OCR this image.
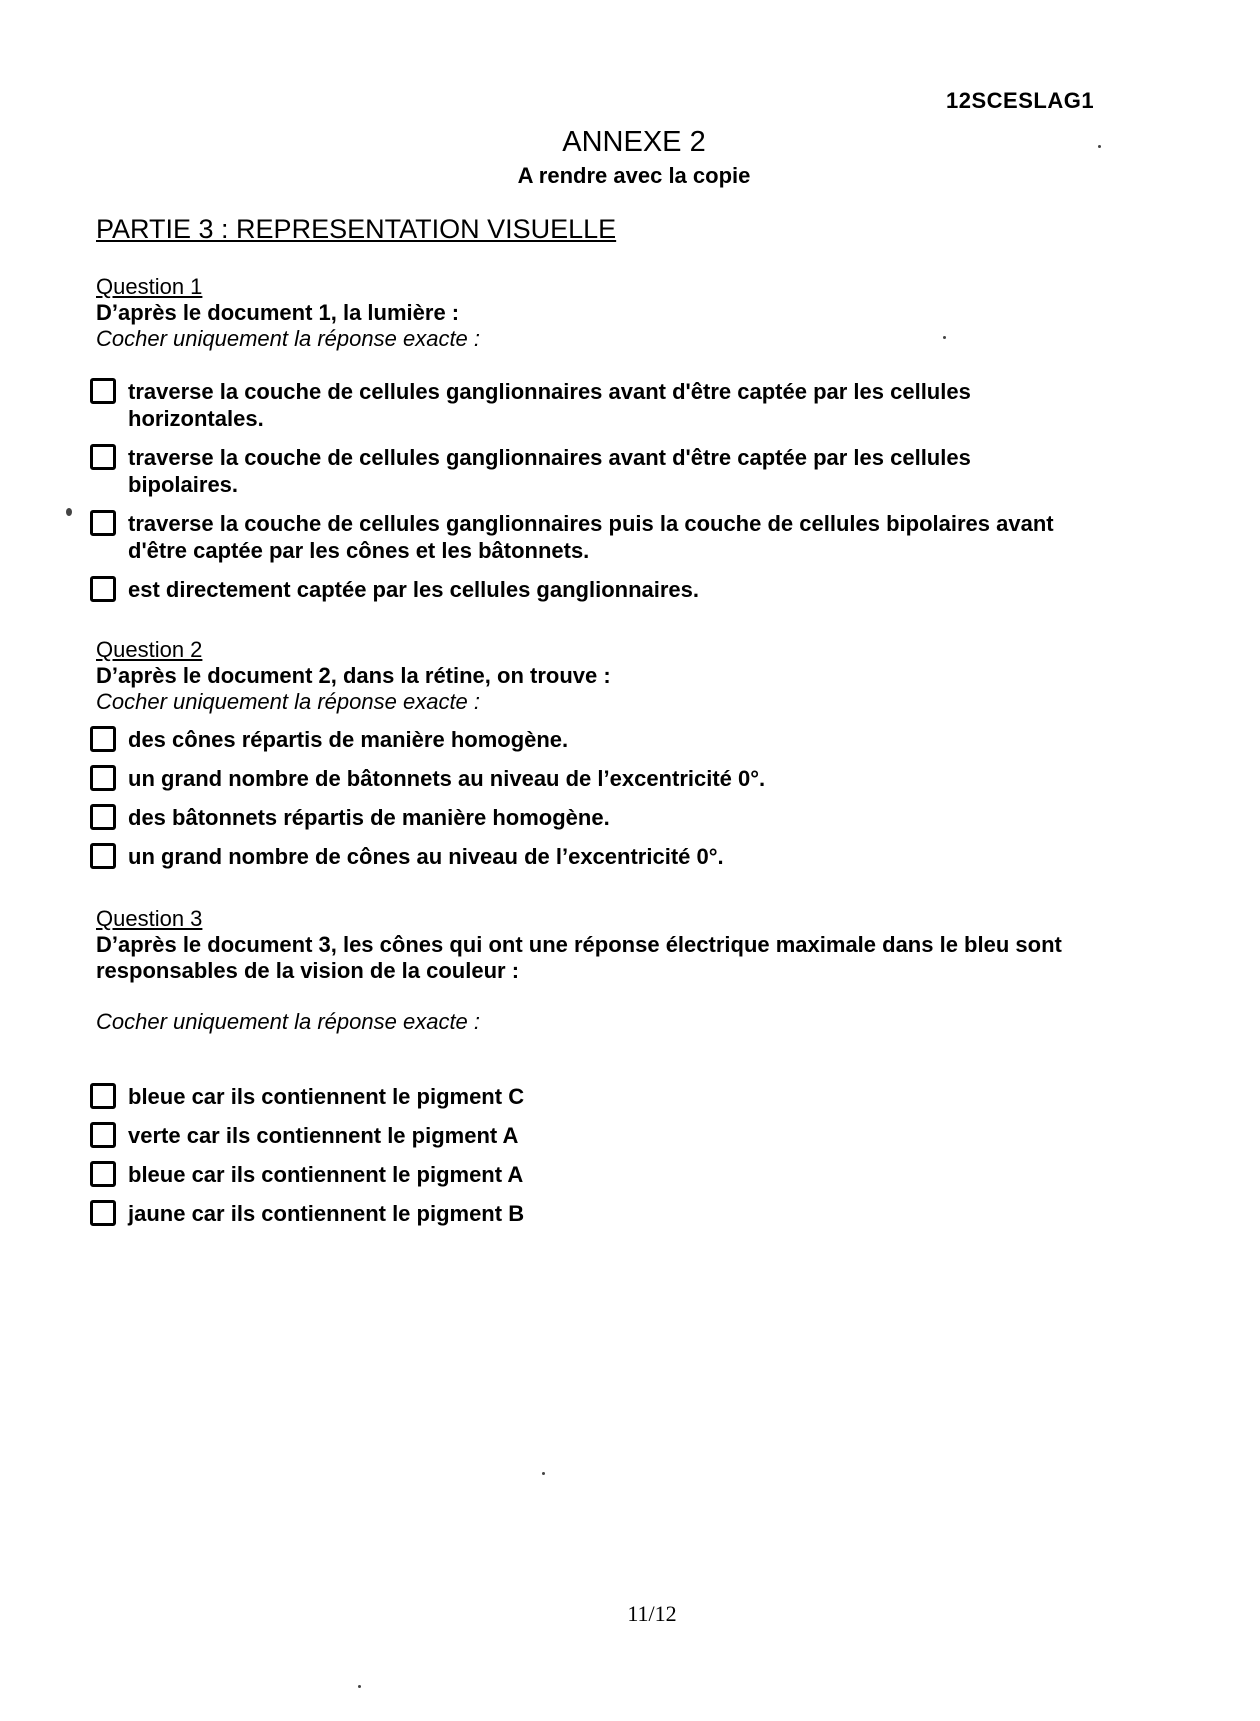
12SCESLAG1
ANNEXE 2
A rendre avec la copie
PARTIE 3 : REPRESENTATION VISUELLE
Question 1
D’après le document 1, la lumière :
Cocher uniquement la réponse exacte :
traverse la couche de cellules ganglionnaires avant d'être captée par les cellules horizontales.
traverse la couche de cellules ganglionnaires avant d'être captée par les cellules bipolaires.
traverse la couche de cellules ganglionnaires puis la couche de cellules bipolaires avant d'être captée par les cônes et les bâtonnets.
est directement captée par les cellules ganglionnaires.
Question 2
D’après le document 2, dans la rétine, on trouve :
Cocher uniquement la réponse exacte :
des cônes répartis de manière homogène.
un grand nombre de bâtonnets au niveau de l’excentricité 0°.
des bâtonnets répartis de manière homogène.
un grand nombre de cônes au niveau de l’excentricité 0°.
Question 3
D’après le document 3, les cônes qui ont une réponse électrique maximale dans le bleu sont responsables de la vision de la couleur :
Cocher uniquement la réponse exacte :
bleue car ils contiennent le pigment C
verte car ils contiennent le pigment A
bleue car ils contiennent le pigment A
jaune car ils contiennent le pigment B
11/12
